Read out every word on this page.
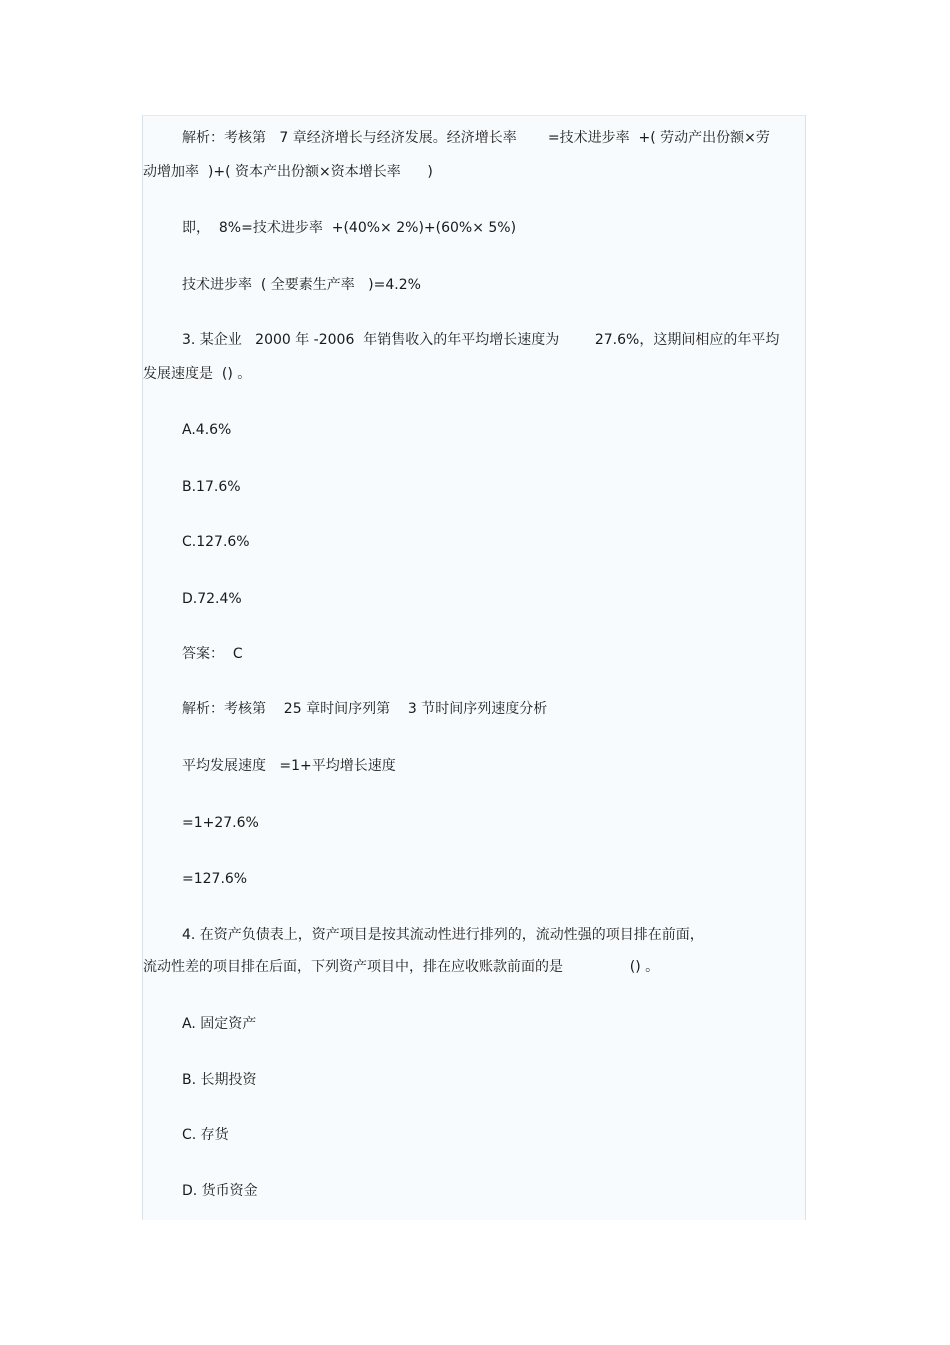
解析：考核第   7 章经济增长与经济发展。经济增长率       =技术进步率  +( 劳动产出份额×劳
动增加率  )+( 资本产出份额×资本增长率      )
即，  8%=技术进步率  +(40%× 2%)+(60%× 5%)
技术进步率  ( 全要素生产率   )=4.2%
3. 某企业   2000 年 -2006  年销售收入的年平均增长速度为        27.6%，这期间相应的年平均
发展速度是  () 。
A.4.6%
B.17.6%
C.127.6%
D.72.4%
答案：  C
解析：考核第    25 章时间序列第    3 节时间序列速度分析
平均发展速度   =1+平均增长速度
=1+27.6%
=127.6%
4. 在资产负债表上，资产项目是按其流动性进行排列的，流动性强的项目排在前面，
流动性差的项目排在后面，下列资产项目中，排在应收账款前面的是               () 。
A. 固定资产
B. 长期投资
C. 存货
D. 货币资金
